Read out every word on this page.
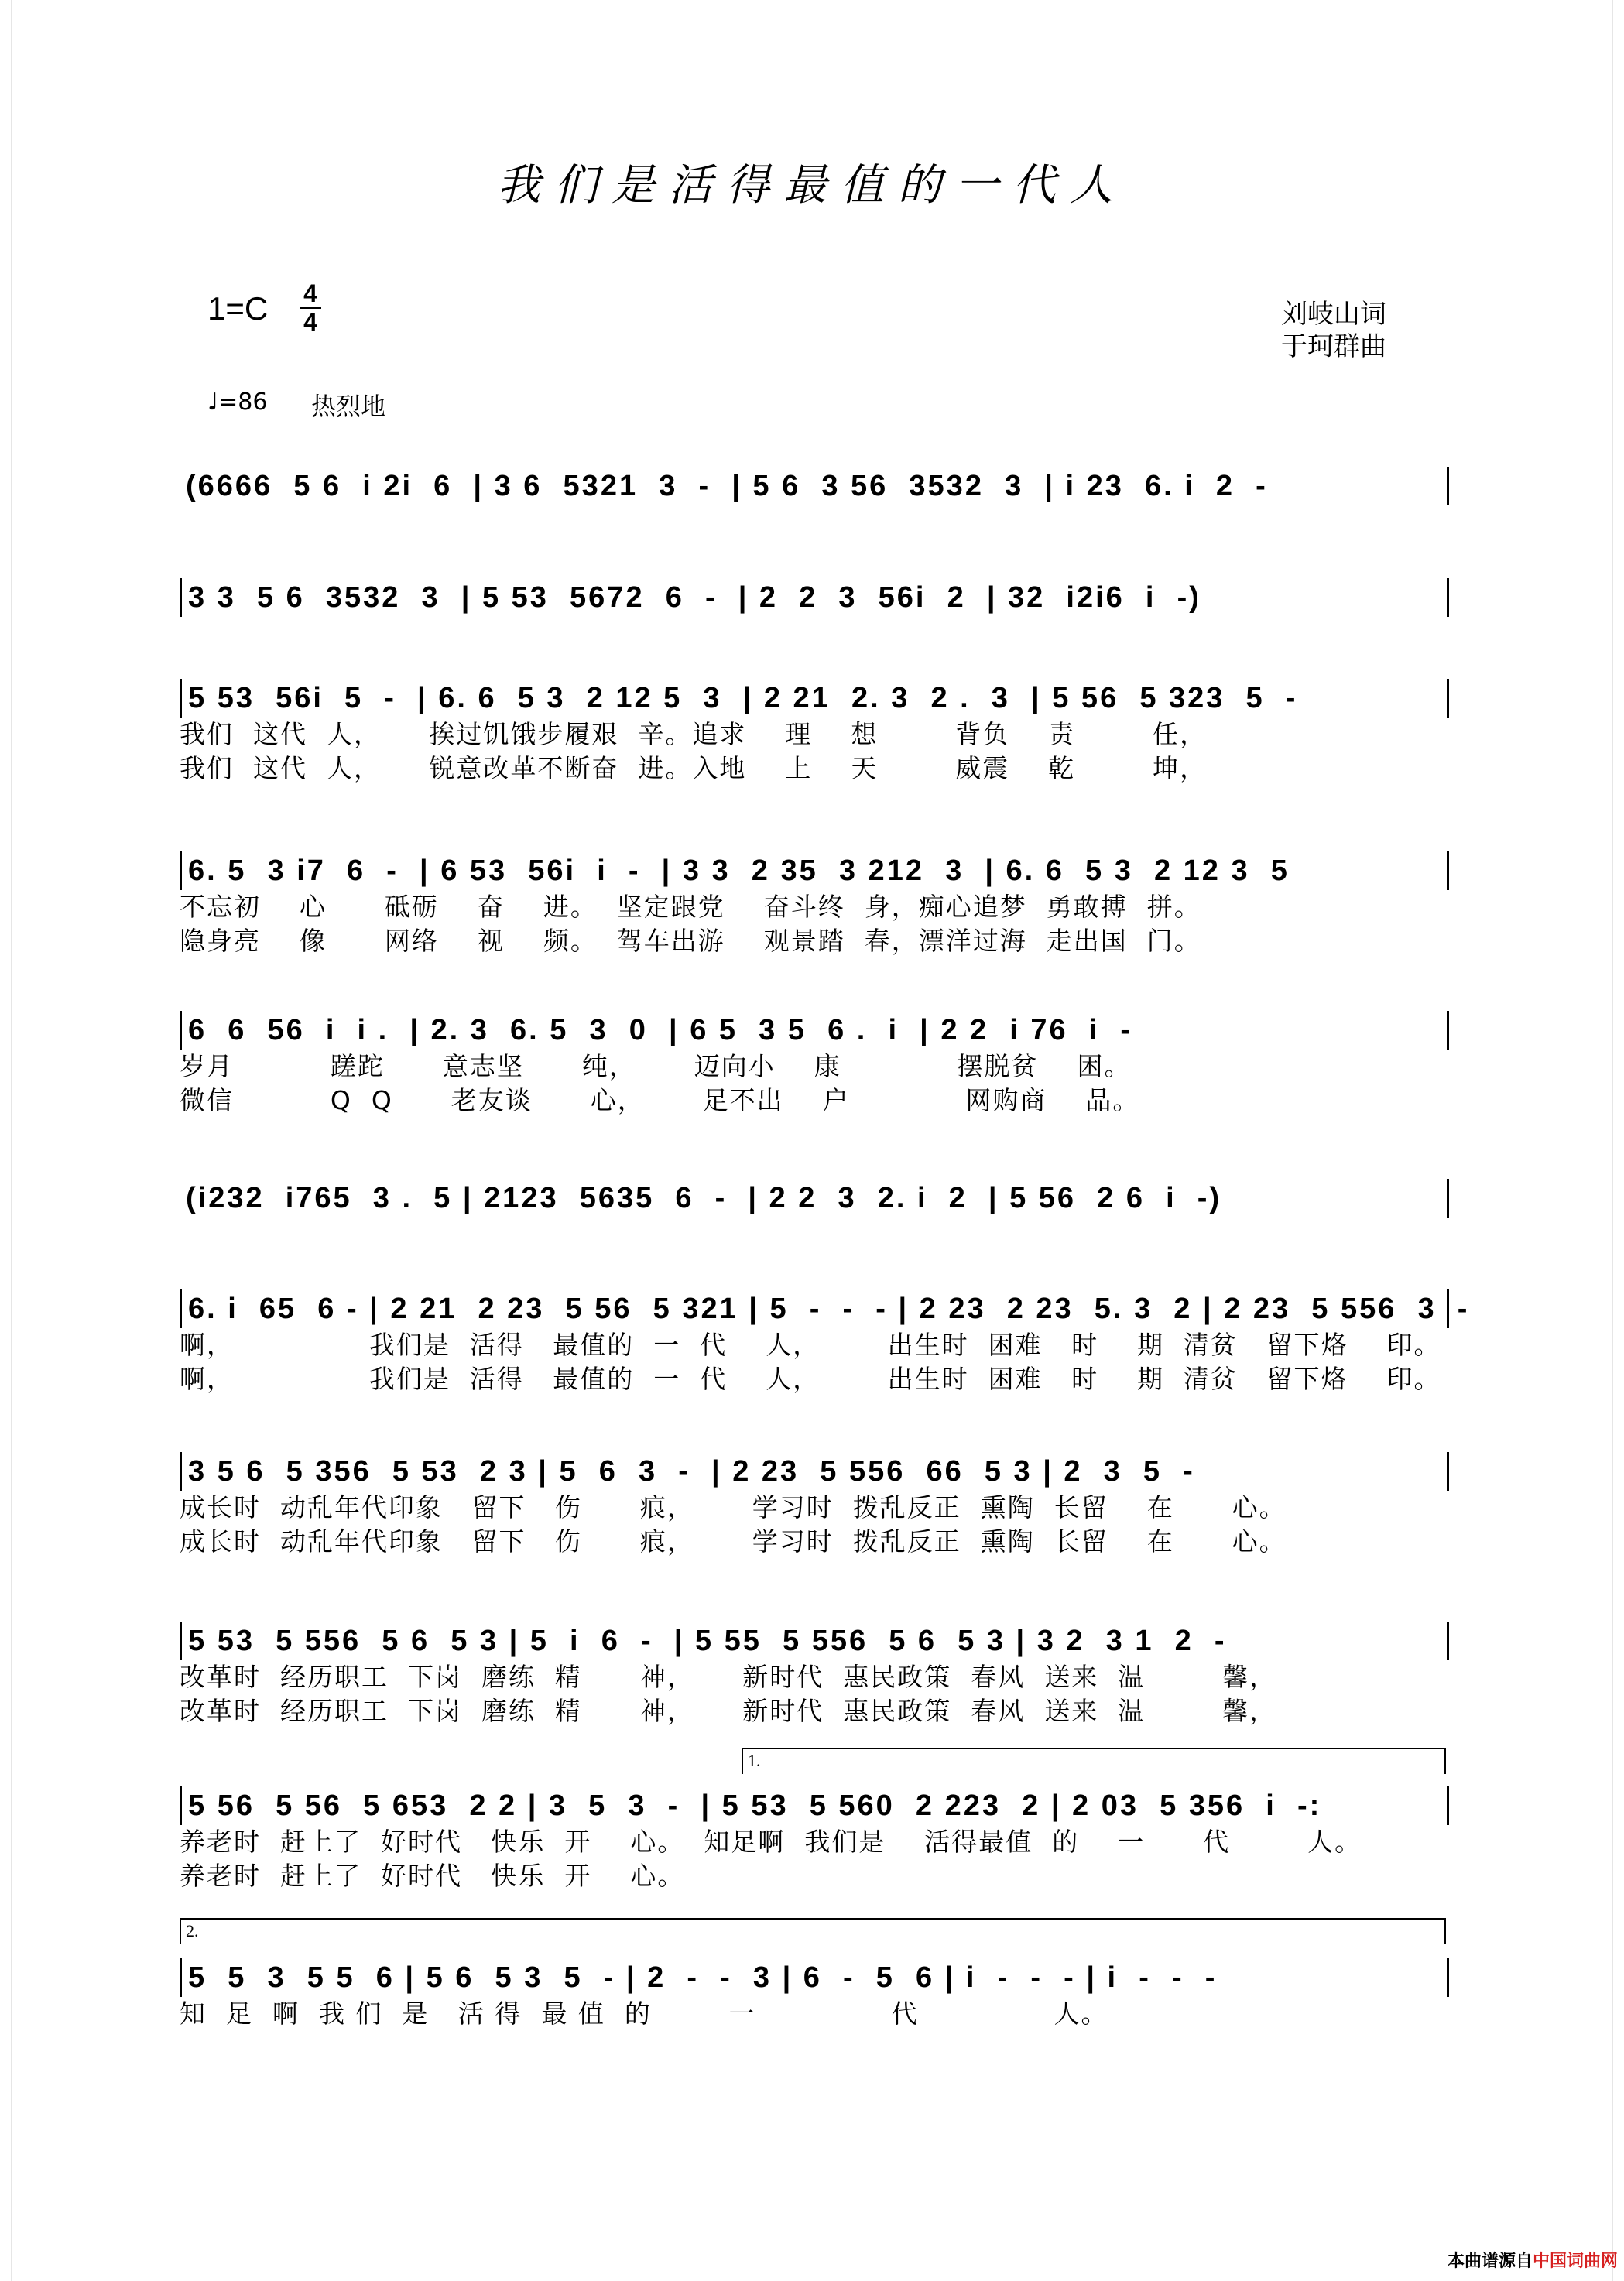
我们是活得最值的一代人
1=C 4
4	刘岐山词
于珂群曲
♩=86 热烈地
(6666  5 6  i 2i  6  | 3 6  5321  3  -  | 5 6  3 56  3532  3  | i 23  6. i  2  -
3 3  5 6  3532  3  | 5 53  5672  6  -  | 2  2  3  56i  2  | 32  i2i6  i  -)
5 53  56i  5  -  | 6. 6  5 3  2 12 5  3  | 2 21  2. 3  2 .  3  | 5 56  5 323  5  -
我们  这代  人，     挨过饥饿步履艰  辛。追求    理    想        背负    责        任，
我们  这代  人，     锐意改革不断奋  进。入地    上    天        威震    乾        坤，
6. 5  3 i7  6  -  | 6 53  56i  i  -  | 3 3  2 35  3 212  3  | 6. 6  5 3  2 12 3  5
不忘初    心      砥砺    奋    进。  坚定跟党    奋斗终  身，痴心追梦  勇敢搏  拼。
隐身亮    像      网络    视    频。  驾车出游    观景踏  春，漂洋过海  走出国  门。
6  6  56  i  i .  | 2. 3  6. 5  3  0  | 6 5  3 5  6 .  i  | 2 2  i 76  i  -
岁月          蹉跎      意志坚      纯，      迈向小    康            摆脱贫    困。
微信          Q  Q      老友谈      心，      足不出    户            网购商    品。
(i232  i765  3 .  5 | 2123  5635  6  -  | 2 2  3  2. i  2  | 5 56  2 6  i  -)
6. i  65  6 - | 2 21  2 23  5 56  5 321 | 5  -  -  - | 2 23  2 23  5. 3  2 | 2 23  5 556  3  -
啊，              我们是  活得   最值的  一  代    人，       出生时  困难   时    期  清贫   留下烙    印。
啊，              我们是  活得   最值的  一  代    人，       出生时  困难   时    期  清贫   留下烙    印。
3 5 6  5 356  5 53  2 3 | 5  6  3  -  | 2 23  5 556  66  5 3 | 2  3  5  -
成长时  动乱年代印象   留下   伤      痕，      学习时  拨乱反正  熏陶  长留    在      心。
成长时  动乱年代印象   留下   伤      痕，      学习时  拨乱反正  熏陶  长留    在      心。
5 53  5 556  5 6  5 3 | 5  i  6  -  | 5 55  5 556  5 6  5 3 | 3 2  3 1  2  -
改革时  经历职工  下岗  磨练  精      神，     新时代  惠民政策  春风  送来  温        馨，
改革时  经历职工  下岗  磨练  精      神，     新时代  惠民政策  春风  送来  温        馨，
1.
5 56  5 56  5 653  2 2 | 3  5  3  -  | 5 53  5 560  2 223  2 | 2 03  5 356  i  -:
养老时  赶上了  好时代   快乐  开    心。  知足啊  我们是    活得最值  的    一      代        人。
养老时  赶上了  好时代   快乐  开    心。
2.
5  5  3  5 5  6 | 5 6  5 3  5  - | 2  -  -  3 | 6  -  5  6 | i  -  -  - | i  -  -  -
知  足  啊  我 们  是   活 得  最 值  的        一              代              人。
本曲谱源自 中国词曲网
